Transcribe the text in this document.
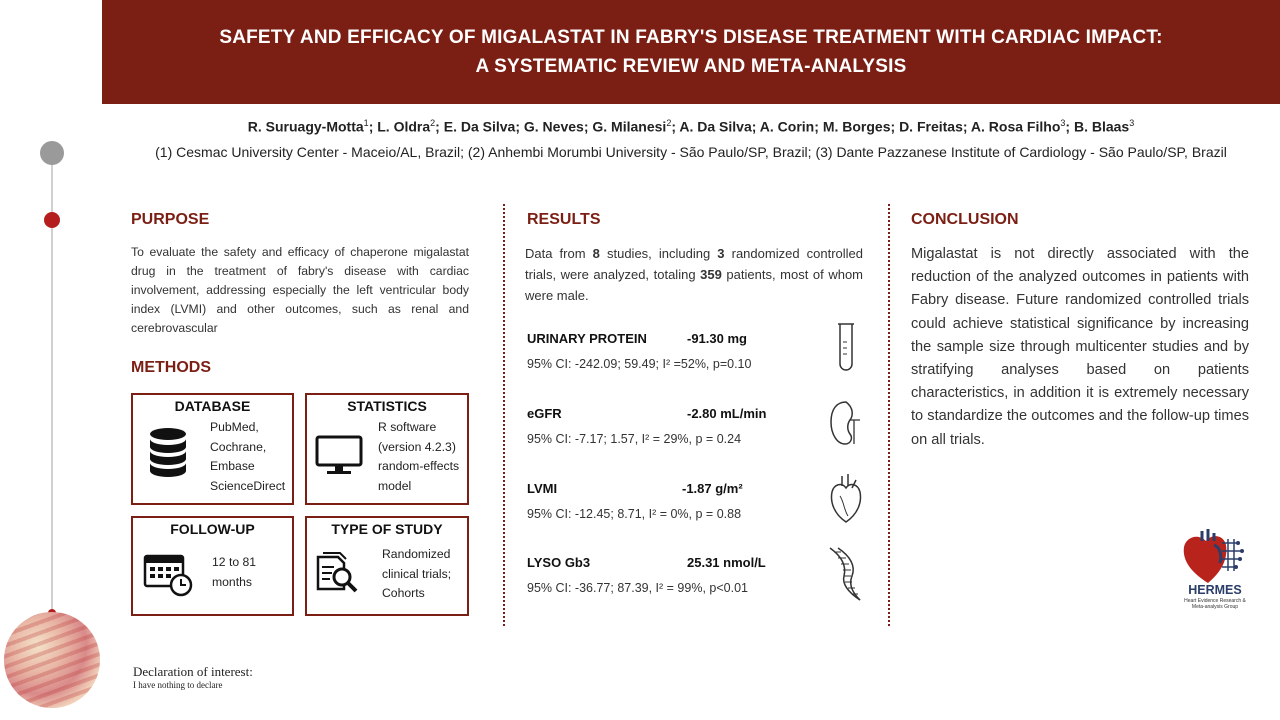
SAFETY AND EFFICACY OF MIGALASTAT IN FABRY'S DISEASE TREATMENT WITH CARDIAC IMPACT:
A SYSTEMATIC REVIEW AND META-ANALYSIS
R. Suruagy-Motta$^1$; L. Oldra$^2$; E. Da Silva; G. Neves; G. Milanesi$^2$; A. Da Silva; A. Corin; M. Borges; D. Freitas; A. Rosa Filho$^3$; B. Blaas$^3$
(1) Cesmac University Center - Maceio/AL, Brazil; (2) Anhembi Morumbi University - São Paulo/SP, Brazil; (3) Dante Pazzanese Institute of Cardiology - São Paulo/SP, Brazil
Declaration of interest:
I have nothing to declare
PURPOSE
To evaluate the safety and efficacy of chaperone migalastat drug in the treatment of fabry's disease with cardiac involvement, addressing especially the left ventricular body index (LVMI) and other outcomes, such as renal and cerebrovascular
METHODS
DATABASE
PubMed,
Cochrane,
Embase
ScienceDirect
STATISTICS
R software
(version 4.2.3)
random-effects
model
FOLLOW-UP
12 to 81
months
TYPE OF STUDY
Randomized
clinical trials;
Cohorts
RESULTS
Data from 8 studies, including 3 randomized controlled trials, were analyzed, totaling 359 patients, most of whom were male.
URINARY PROTEIN	-91.30 mg
95% CI: -242.09; 59.49; I² =52%, p=0.10
eGFR	-2.80 mL/min
95% CI: -7.17; 1.57, I² = 29%, p = 0.24
LVMI	-1.87 g/m²
95% CI: -12.45; 8.71, I² = 0%, p = 0.88
LYSO Gb3	25.31 nmol/L
95% CI: -36.77; 87.39, I² = 99%, p<0.01
CONCLUSION
Migalastat is not directly associated with the reduction of the analyzed outcomes in patients with Fabry disease. Future randomized controlled trials could achieve statistical significance by increasing the sample size through multicenter studies and by stratifying analyses based on patients characteristics, in addition it is extremely necessary to standardize the outcomes and the follow-up times on all trials.
HERMES
Heart Evidence Research &
Meta-analysis Group
